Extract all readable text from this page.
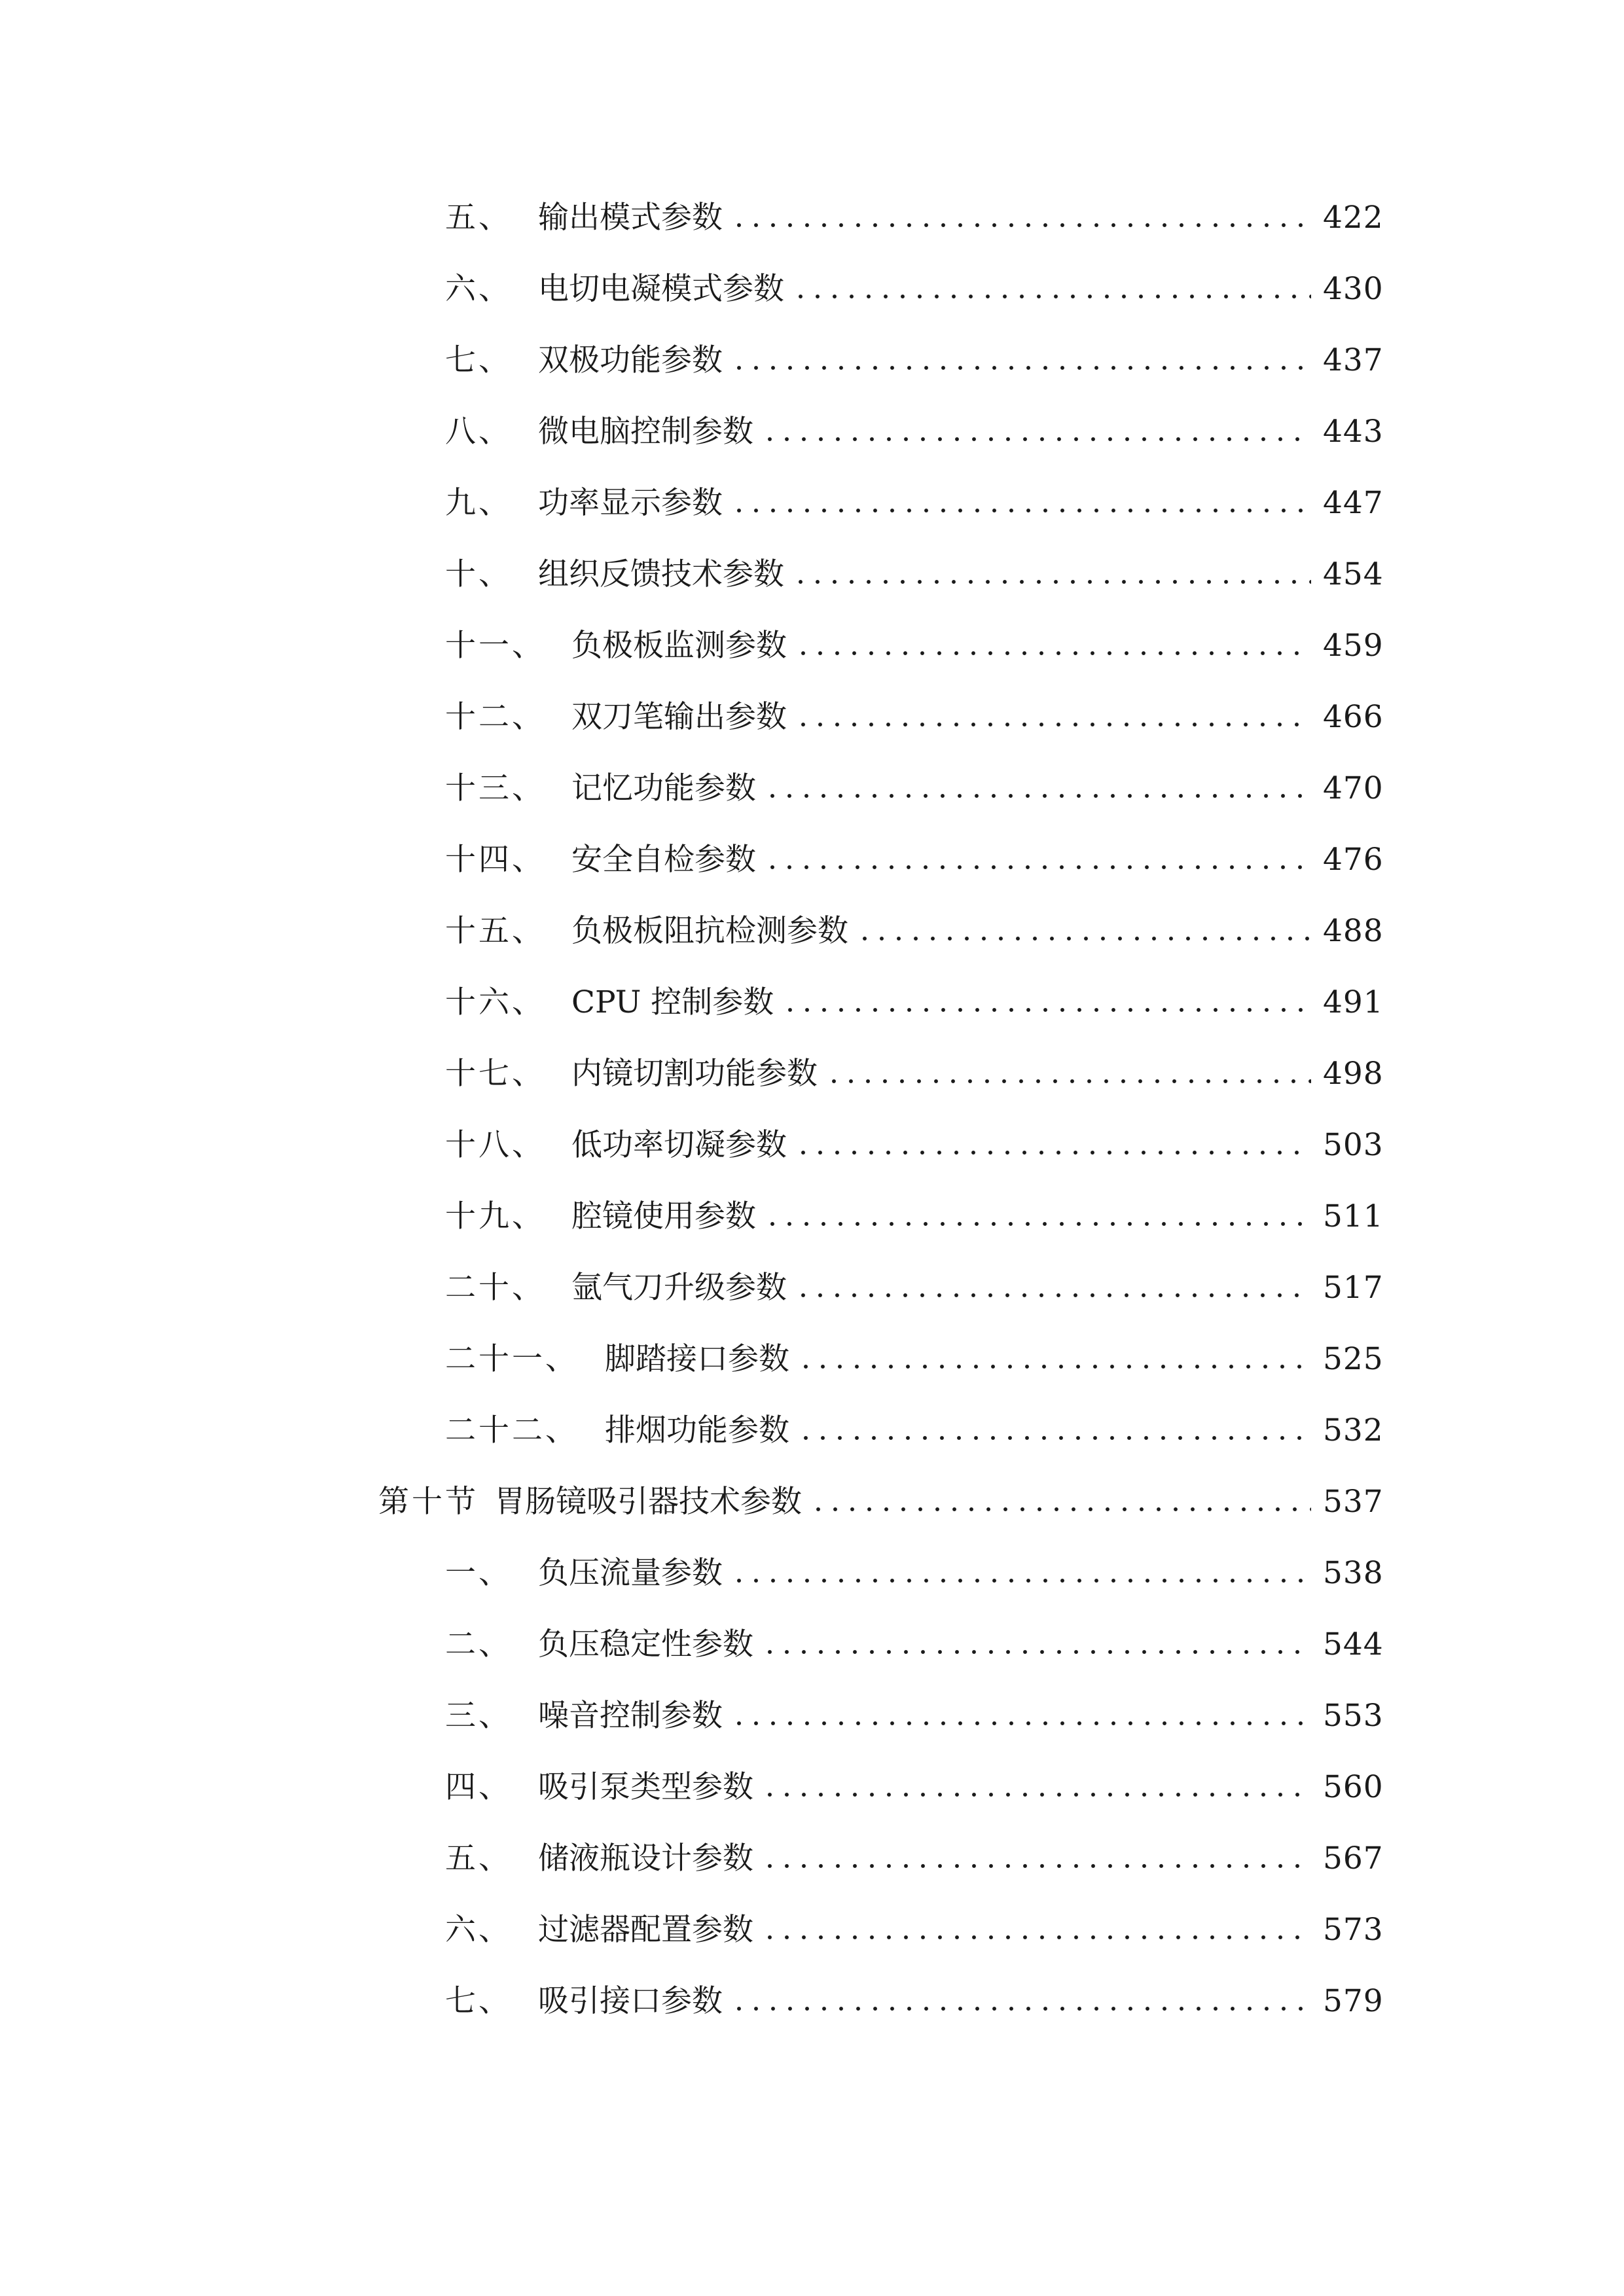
五、 输出模式参数	422
六、 电切电凝模式参数	430
七、 双极功能参数	437
八、 微电脑控制参数	443
九、 功率显示参数	447
十、 组织反馈技术参数	454
十一、 负极板监测参数	459
十二、 双刀笔输出参数	466
十三、 记忆功能参数	470
十四、 安全自检参数	476
十五、 负极板阻抗检测参数	488
十六、 CPU 控制参数	491
十七、 内镜切割功能参数	498
十八、 低功率切凝参数	503
十九、 腔镜使用参数	511
二十、 氩气刀升级参数	517
二十一、 脚踏接口参数	525
二十二、 排烟功能参数	532
第十节 胃肠镜吸引器技术参数	537
一、 负压流量参数	538
二、 负压稳定性参数	544
三、 噪音控制参数	553
四、 吸引泵类型参数	560
五、 储液瓶设计参数	567
六、 过滤器配置参数	573
七、 吸引接口参数	579
